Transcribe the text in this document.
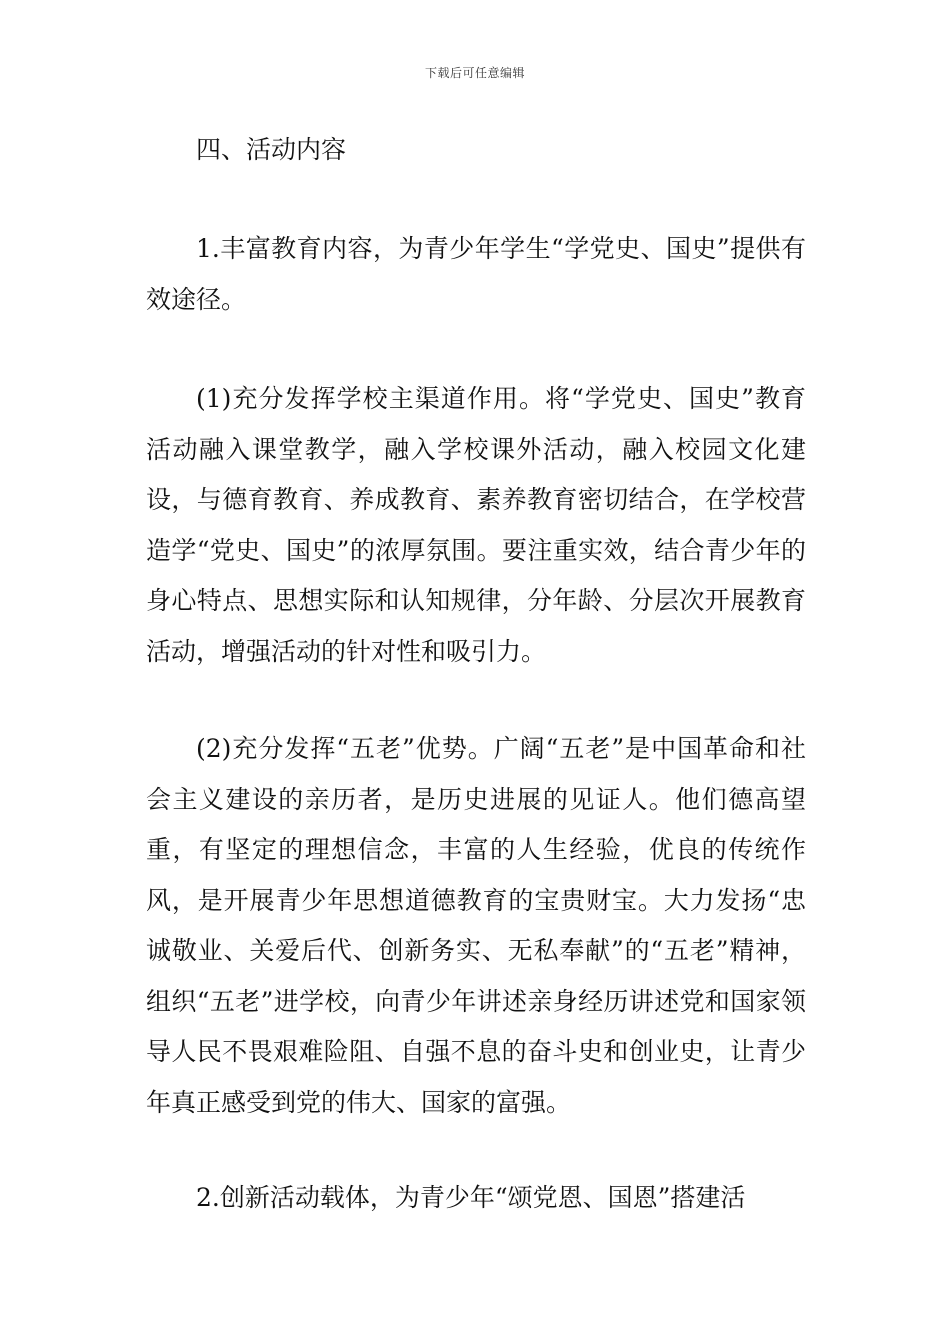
下载后可任意编辑
四、活动内容

1.丰富教育内容，为青少年学生“学党史、国史”提供有效途径。

(1)充分发挥学校主渠道作用。将“学党史、国史”教育活动融入课堂教学，融入学校课外活动，融入校园文化建设，与德育教育、养成教育、素养教育密切结合，在学校营造学“党史、国史”的浓厚氛围。要注重实效，结合青少年的身心特点、思想实际和认知规律，分年龄、分层次开展教育活动，增强活动的针对性和吸引力。

(2)充分发挥“五老”优势。广阔“五老”是中国革命和社会主义建设的亲历者，是历史进展的见证人。他们德高望重，有坚定的理想信念，丰富的人生经验，优良的传统作风，是开展青少年思想道德教育的宝贵财宝。大力发扬“忠诚敬业、关爱后代、创新务实、无私奉献”的“五老”精神，组织“五老”进学校，向青少年讲述亲身经历讲述党和国家领导人民不畏艰难险阻、自强不息的奋斗史和创业史，让青少年真正感受到党的伟大、国家的富强。

2.创新活动载体，为青少年“颂党恩、国恩”搭建活
